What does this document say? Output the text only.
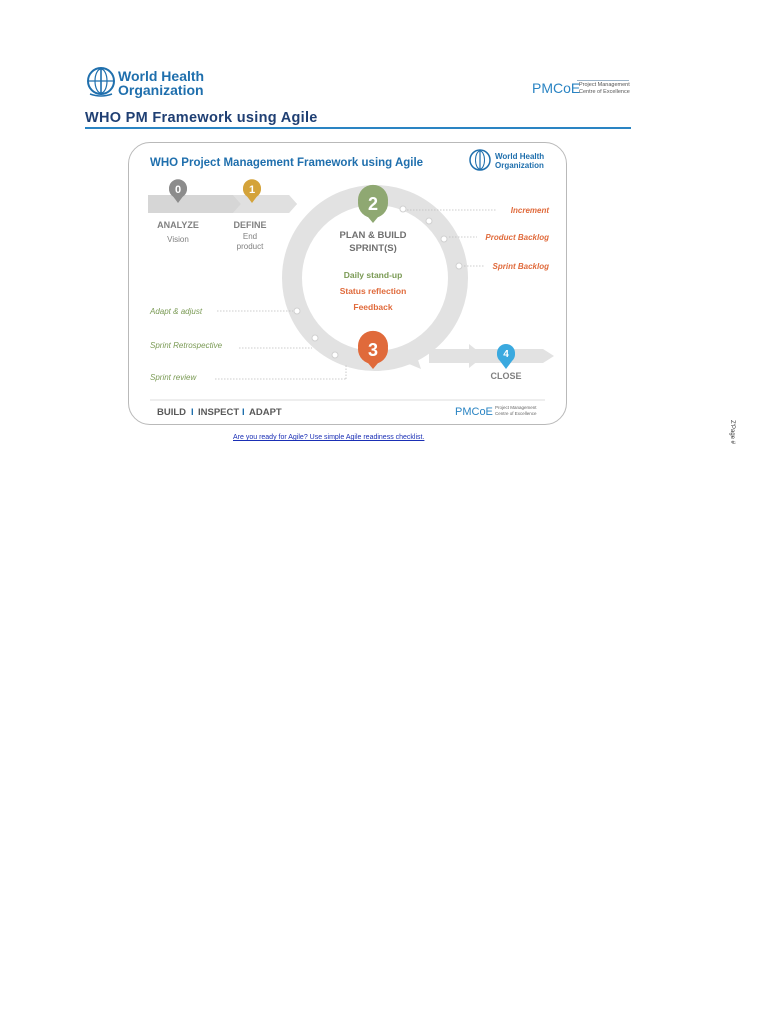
World Health
Organization	PMCoE
Project Management
Centre of Excellence
WHO PM Framework using Agile
WHO Project Management Framework using Agile
World Health
Organization
0
ANALYZE
Vision
1
DEFINE
End
product
2
PLAN & BUILD
SPRINT(S)
Daily stand-up
Status reflection
Feedback
3	4
CLOSE
Increment
Product Backlog
Sprint Backlog
Adapt & adjust
Sprint Retrospective
Sprint review
BUILD I INSPECT I ADAPT	PMCoE Project Management
Centre of Excellence
Are you ready for Agile? Use simple Agile readiness checklist.	Z‘Page #
